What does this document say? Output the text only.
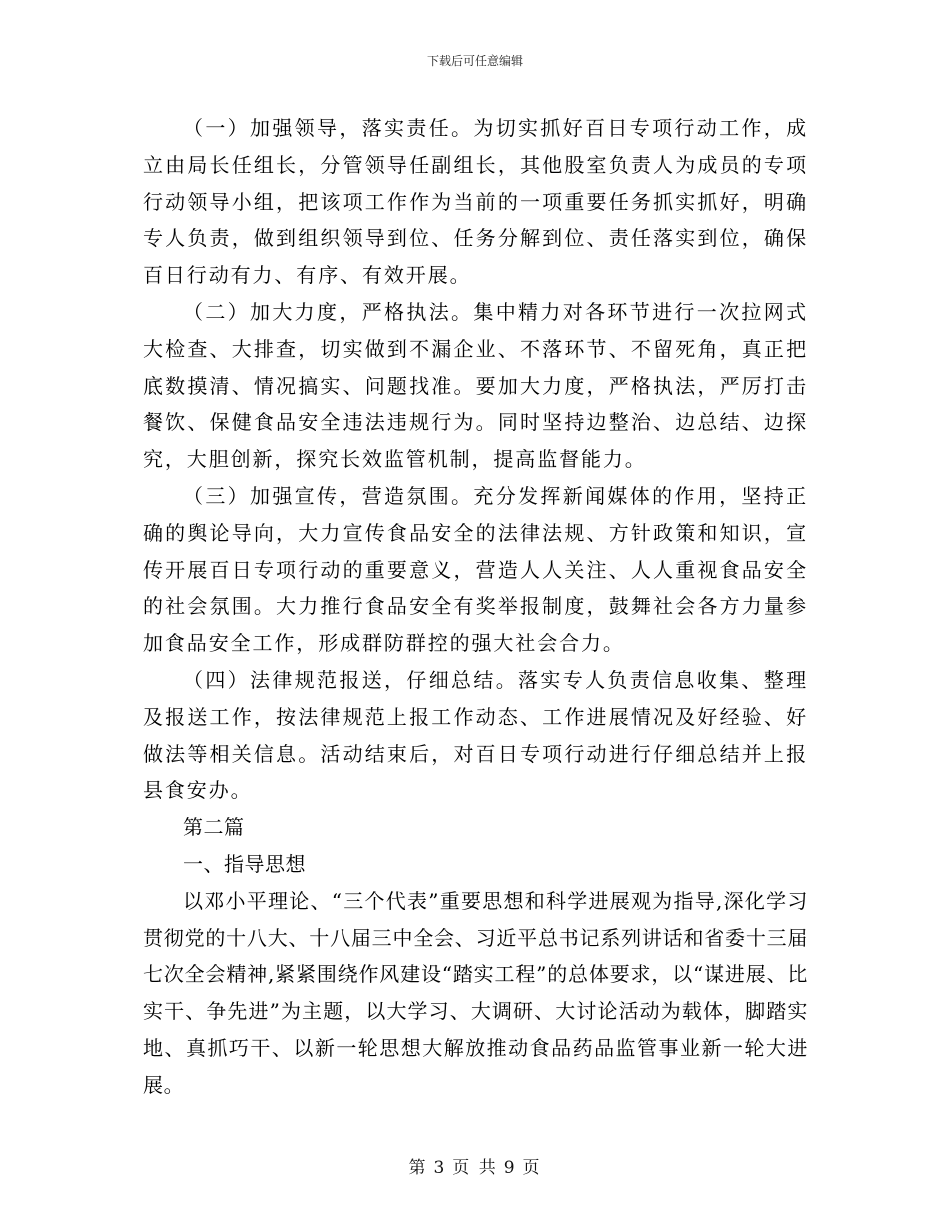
下载后可任意编辑

（一）加强领导，落实责任。为切实抓好百日专项行动工作，成立由局长任组长，分管领导任副组长，其他股室负责人为成员的专项行动领导小组，把该项工作作为当前的一项重要任务抓实抓好，明确专人负责，做到组织领导到位、任务分解到位、责任落实到位，确保百日行动有力、有序、有效开展。

（二）加大力度，严格执法。集中精力对各环节进行一次拉网式大检查、大排查，切实做到不漏企业、不落环节、不留死角，真正把底数摸清、情况搞实、问题找准。要加大力度，严格执法，严厉打击餐饮、保健食品安全违法违规行为。同时坚持边整治、边总结、边探究，大胆创新，探究长效监管机制，提高监督能力。

（三）加强宣传，营造氛围。充分发挥新闻媒体的作用，坚持正确的舆论导向，大力宣传食品安全的法律法规、方针政策和知识，宣传开展百日专项行动的重要意义，营造人人关注、人人重视食品安全的社会氛围。大力推行食品安全有奖举报制度，鼓舞社会各方力量参加食品安全工作，形成群防群控的强大社会合力。

（四）法律规范报送，仔细总结。落实专人负责信息收集、整理及报送工作，按法律规范上报工作动态、工作进展情况及好经验、好做法等相关信息。活动结束后，对百日专项行动进行仔细总结并上报县食安办。

第二篇

一、指导思想

以邓小平理论、“三个代表”重要思想和科学进展观为指导,深化学习贯彻党的十八大、十八届三中全会、习近平总书记系列讲话和省委十三届七次全会精神,紧紧围绕作风建设“踏实工程”的总体要求，以“谋进展、比实干、争先进”为主题，以大学习、大调研、大讨论活动为载体，脚踏实地、真抓巧干、以新一轮思想大解放推动食品药品监管事业新一轮大进展。

第 3 页 共 9 页
